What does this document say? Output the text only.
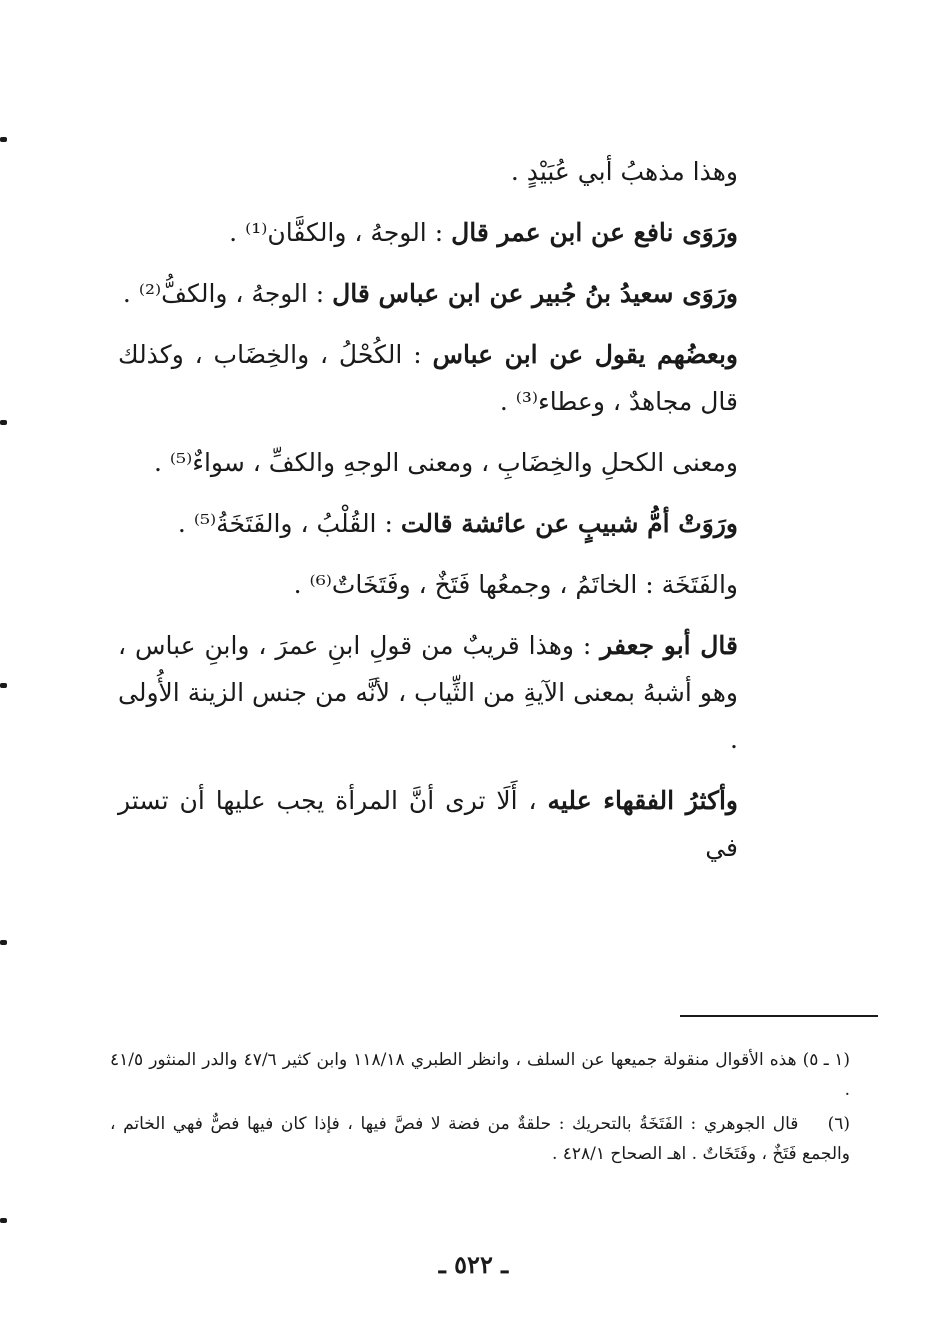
وهذا مذهبُ أبي عُبَيْدٍ .

ورَوَى نافع عن ابن عمر قال : الوجهُ ، والكفَّان⁽¹⁾ .

ورَوَى سعيدُ بنُ جُبير عن ابن عباس قال : الوجهُ ، والكفُّ⁽²⁾ .

وبعضُهم يقول عن ابن عباس : الكُحْلُ ، والخِضَاب ، وكذلك قال مجاهدٌ ، وعطاء⁽³⁾ .

ومعنى الكحلِ والخِضَابِ ، ومعنى الوجهِ والكفِّ ، سواءٌ⁽⁵⁾ .

ورَوَتْ أمُّ شبيبٍ عن عائشة قالت : القُلْبُ ، والفَتَخَةُ⁽⁵⁾ .

والفَتَخَة : الخاتَمُ ، وجمعُها فَتَخٌ ، وفَتَخَاتٌ⁽⁶⁾ .

قال أبو جعفر : وهذا قريبٌ من قولِ ابنِ عمرَ ، وابنِ عباس ، وهو أشبهُ بمعنى الآيةِ من الثِّياب ، لأنَّه من جنس الزينة الأُولى .

وأكثرُ الفقهاء عليه ، أَلَا ترى أنَّ المرأة يجب عليها أن تستر في

(١ ـ ٥) هذه الأقوال منقولة جميعها عن السلف ، وانظر الطبري ١١٨/١٨ وابن كثير ٤٧/٦ والدر المنثور ٤١/٥ .
(٦) قال الجوهري : الفَتَخَةُ بالتحريك : حلقةٌ من فضة لا فصَّ فيها ، فإذا كان فيها فصٌّ فهي الخاتم ، والجمع فَتَخٌ ، وفَتَخَاتٌ . اهـ الصحاح ٤٢٨/١ .
ـ ٥٢٢ ـ
